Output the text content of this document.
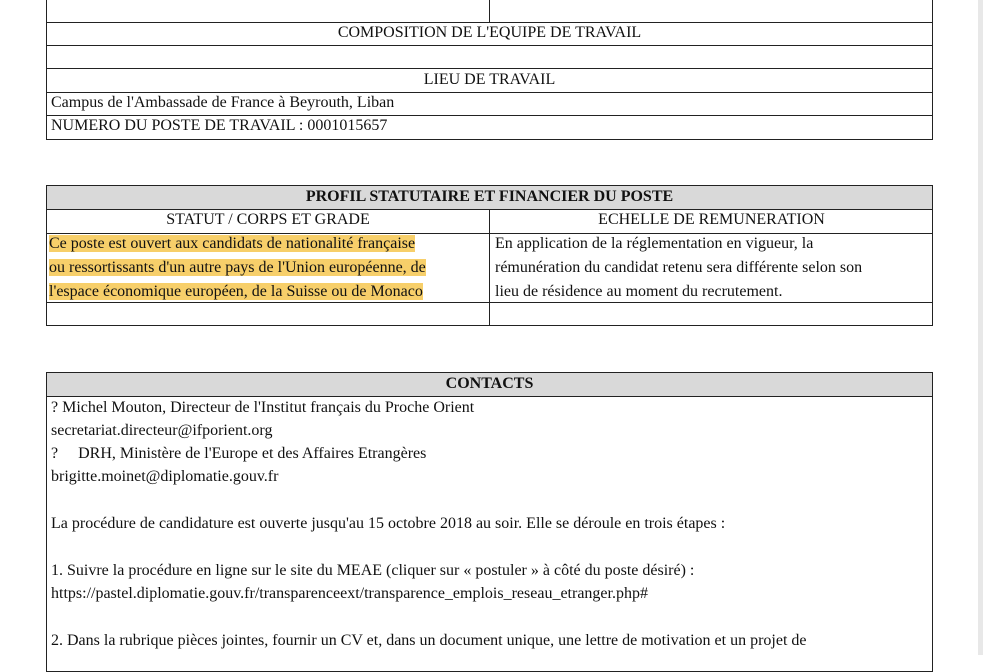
COMPOSITION DE L'EQUIPE DE TRAVAIL
LIEU DE TRAVAIL
Campus de l'Ambassade de France à Beyrouth, Liban
NUMERO DU POSTE DE TRAVAIL : 0001015657
PROFIL STATUTAIRE ET FINANCIER DU POSTE
STATUT / CORPS ET GRADE	ECHELLE DE REMUNERATION
Ce poste est ouvert aux candidats de nationalité française
ou ressortissants d'un autre pays de l'Union européenne, de
l'espace économique européen, de la Suisse ou de Monaco
En application de la réglementation en vigueur, la
rémunération du candidat retenu sera différente selon son
lieu de résidence au moment du recrutement.
CONTACTS
? Michel Mouton, Directeur de l'Institut français du Proche Orient
secretariat.directeur@ifporient.org
?     DRH, Ministère de l'Europe et des Affaires Etrangères
brigitte.moinet@diplomatie.gouv.fr
La procédure de candidature est ouverte jusqu'au 15 octobre 2018 au soir. Elle se déroule en trois étapes :
1. Suivre la procédure en ligne sur le site du MEAE (cliquer sur « postuler » à côté du poste désiré) :
https://pastel.diplomatie.gouv.fr/transparenceext/transparence_emplois_reseau_etranger.php#
2. Dans la rubrique pièces jointes, fournir un CV et, dans un document unique, une lettre de motivation et un projet de
